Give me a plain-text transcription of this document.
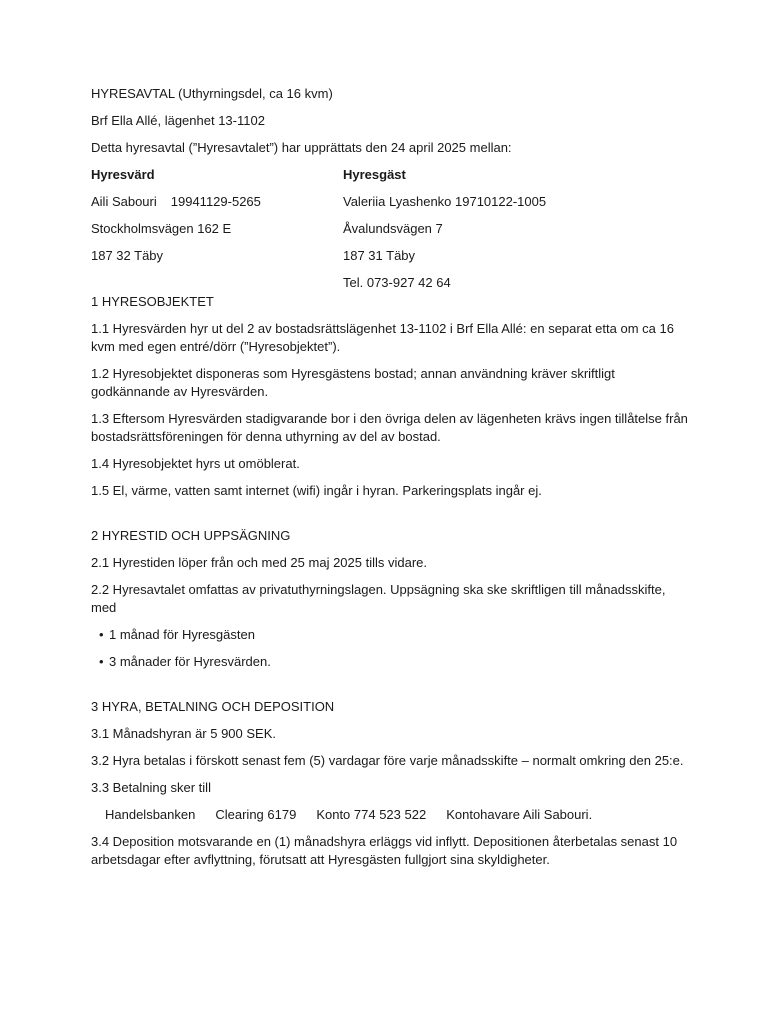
HYRESAVTAL (Uthyrningsdel, ca 16 kvm)

Brf Ella Allé, lägenhet 13-1102

Detta hyresavtal (”Hyresavtalet”) har upprättats den 24 april 2025 mellan:

Hyresvärd

Aili Sabouri 19941129-5265

Stockholmsvägen 162 E

187 32 Täby

Hyresgäst

Valeriia Lyashenko 19710122-1005

Åvalundsvägen 7

187 31 Täby

Tel. 073-927 42 64

1 HYRESOBJEKTET

1.1 Hyresvärden hyr ut del 2 av bostadsrättslägenhet 13-1102 i Brf Ella Allé: en separat etta om ca 16 kvm med egen entré/dörr (”Hyresobjektet”).

1.2 Hyresobjektet disponeras som Hyresgästens bostad; annan användning kräver skriftligt godkännande av Hyresvärden.

1.3 Eftersom Hyresvärden stadigvarande bor i den övriga delen av lägenheten krävs ingen tillåtelse från bostadsrättsföreningen för denna uthyrning av del av bostad.

1.4 Hyresobjektet hyrs ut omöblerat.

1.5 El, värme, vatten samt internet (wifi) ingår i hyran. Parkeringsplats ingår ej.

2 HYRESTID OCH UPPSÄGNING

2.1 Hyrestiden löper från och med 25 maj 2025 tills vidare.

2.2 Hyresavtalet omfattas av privatuthyrningslagen. Uppsägning ska ske skriftligen till månadsskifte, med

• 1 månad för Hyresgästen
• 3 månader för Hyresvärden.

3 HYRA, BETALNING OCH DEPOSITION

3.1 Månadshyran är 5 900 SEK.

3.2 Hyra betalas i förskott senast fem (5) vardagar före varje månadsskifte – normalt omkring den 25:e.

3.3 Betalning sker till

Handelsbanken Clearing 6179 Konto 774 523 522 Kontohavare Aili Sabouri.

3.4 Deposition motsvarande en (1) månadshyra erläggs vid inflytt. Depositionen återbetalas senast 10 arbetsdagar efter avflyttning, förutsatt att Hyresgästen fullgjort sina skyldigheter.
